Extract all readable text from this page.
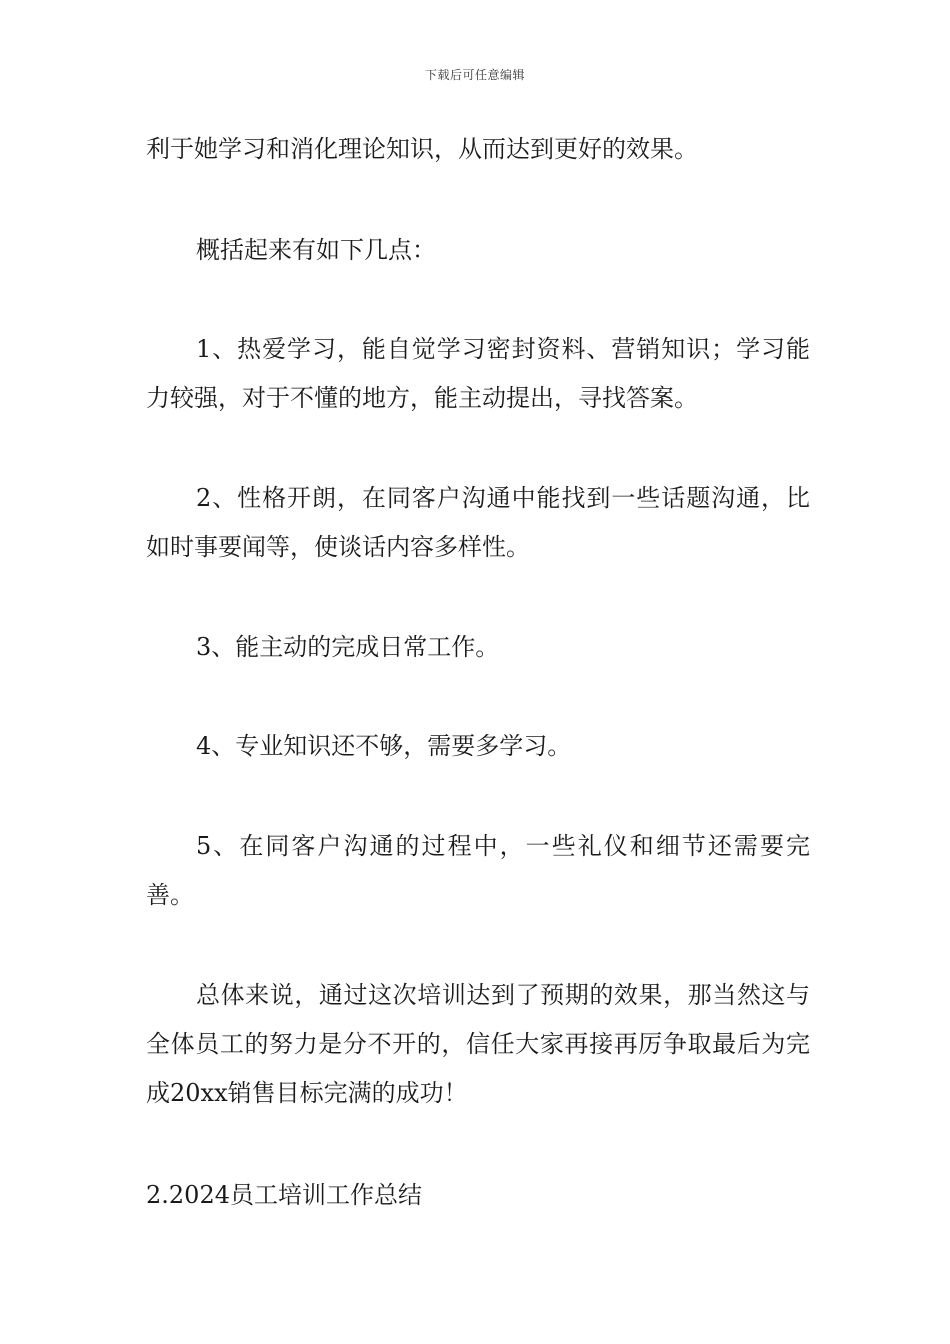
下载后可任意编辑

利于她学习和消化理论知识，从而达到更好的效果。

概括起来有如下几点：

1、热爱学习，能自觉学习密封资料、营销知识；学习能力较强，对于不懂的地方，能主动提出，寻找答案。

2、性格开朗，在同客户沟通中能找到一些话题沟通，比如时事要闻等，使谈话内容多样性。

3、能主动的完成日常工作。

4、专业知识还不够，需要多学习。

5、在同客户沟通的过程中，一些礼仪和细节还需要完善。

总体来说，通过这次培训达到了预期的效果，那当然这与全体员工的努力是分不开的，信任大家再接再厉争取最后为完成20xx销售目标完满的成功！

2.2024员工培训工作总结
